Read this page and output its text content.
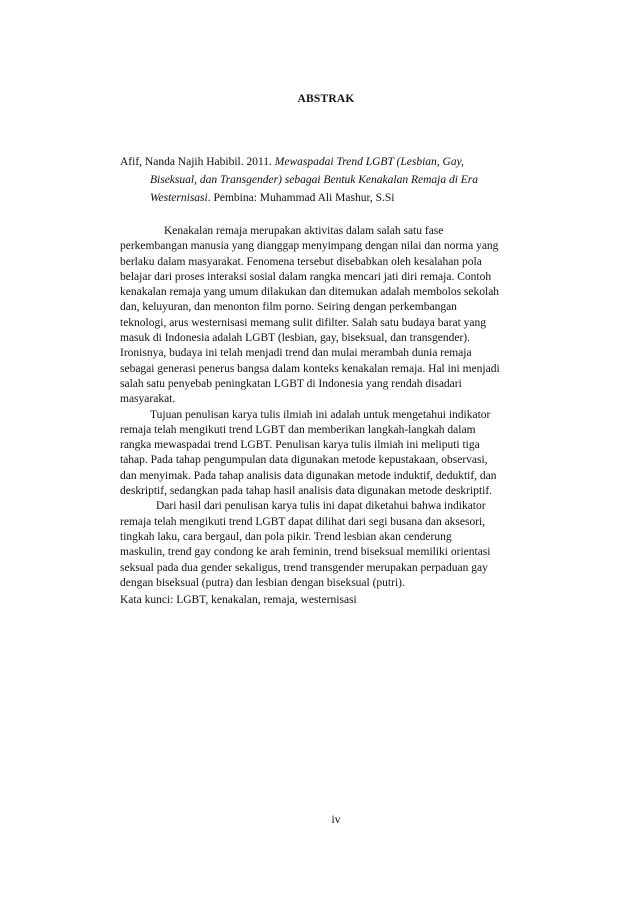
ABSTRAK
Afif, Nanda Najih Habibil. 2011. Mewaspadai Trend LGBT (Lesbian, Gay,
Biseksual, dan Transgender) sebagai Bentuk Kenakalan Remaja di Era
Westernisasi. Pembina: Muhammad Ali Mashur, S.Si
Kenakalan remaja merupakan aktivitas dalam salah satu fase
perkembangan manusia yang dianggap menyimpang dengan nilai dan norma yang
berlaku dalam masyarakat. Fenomena tersebut disebabkan oleh kesalahan pola
belajar dari proses interaksi sosial dalam rangka mencari jati diri remaja. Contoh
kenakalan remaja yang umum dilakukan dan ditemukan adalah membolos sekolah
dan, keluyuran, dan menonton film porno. Seiring dengan perkembangan
teknologi, arus westernisasi memang sulit difilter. Salah satu budaya barat yang
masuk di Indonesia adalah LGBT (lesbian, gay, biseksual, dan transgender).
Ironisnya, budaya ini telah menjadi trend dan mulai merambah dunia remaja
sebagai generasi penerus bangsa dalam konteks kenakalan remaja. Hal ini menjadi
salah satu penyebab peningkatan LGBT di Indonesia yang rendah disadari
masyarakat.
Tujuan penulisan karya tulis ilmiah ini adalah untuk mengetahui indikator
remaja telah mengikuti trend LGBT dan memberikan langkah-langkah dalam
rangka mewaspadai trend LGBT. Penulisan karya tulis ilmiah ini meliputi tiga
tahap. Pada tahap pengumpulan data digunakan metode kepustakaan, observasi,
dan menyimak. Pada tahap analisis data digunakan metode induktif, deduktif, dan
deskriptif, sedangkan pada tahap hasil analisis data digunakan metode deskriptif.
Dari hasil dari penulisan karya tulis ini dapat diketahui bahwa indikator
remaja telah mengikuti trend LGBT dapat dilihat dari segi busana dan aksesori,
tingkah laku, cara bergaul, dan pola pikir. Trend lesbian akan cenderung
maskulin, trend gay condong ke arah feminin, trend biseksual memiliki orientasi
seksual pada dua gender sekaligus, trend transgender merupakan perpaduan gay
dengan biseksual (putra) dan lesbian dengan biseksual (putri).
Kata kunci: LGBT, kenakalan, remaja, westernisasi
iv
